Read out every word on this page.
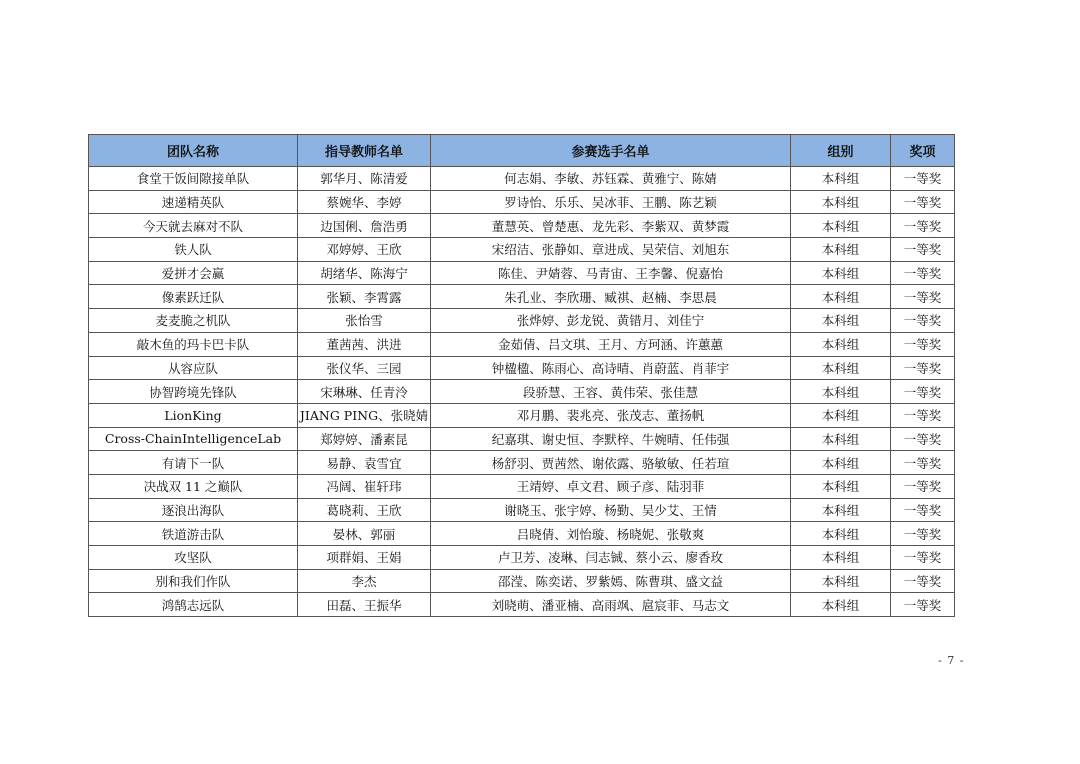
团队名称	指导教师名单	参赛选手名单	组别	奖项
食堂干饭间隙接单队	郭华月、陈清爱	何志娟、李敏、苏钰霖、黄雅宁、陈婧	本科组	一等奖
速递精英队	蔡婉华、李婷	罗诗怡、乐乐、吴冰菲、王鹏、陈艺颖	本科组	一等奖
今天就去麻对不队	边国俐、詹浩勇	董慧英、曾楚惠、龙先彩、李紫双、黄梦霞	本科组	一等奖
铁人队	邓婷婷、王欣	宋绍洁、张静如、章进成、吴荣信、刘旭东	本科组	一等奖
爱拼才会赢	胡绪华、陈海宁	陈佳、尹婧蓉、马青宙、王李馨、倪嘉怡	本科组	一等奖
像素跃迁队	张颖、李霄露	朱孔业、李欣珊、臧祺、赵楠、李思晨	本科组	一等奖
麦麦脆之机队	张怡雪	张烨婷、彭龙锐、黄错月、刘佳宁	本科组	一等奖
敲木鱼的玛卡巴卡队	董茜茜、洪进	金茹倩、吕文琪、王月、方珂涵、许蕙蕙	本科组	一等奖
从容应队	张仪华、三园	钟楹楹、陈雨心、高诗晴、肖蔚蓝、肖菲宇	本科组	一等奖
协智跨境先锋队	宋琳琳、任青泠	段骄慧、王容、黄伟荣、张佳慧	本科组	一等奖
LionKing	JIANG PING、张晓婧	邓月鹏、裴兆亮、张茂志、董扬帆	本科组	一等奖
Cross-ChainIntelligenceLab	郑婷婷、潘素昆	纪嘉琪、谢史恒、李默梓、牛婉晴、任伟强	本科组	一等奖
有请下一队	易静、袁雪宜	杨舒羽、贾茜然、谢依露、骆敏敏、任若瑄	本科组	一等奖
决战双 11 之巅队	冯阔、崔轩玮	王靖婷、卓文君、顾子彦、陆羽菲	本科组	一等奖
逐浪出海队	葛晓莉、王欣	谢晓玉、张宇婷、杨勤、吴少艾、王情	本科组	一等奖
铁道游击队	晏林、郭丽	吕晓倩、刘怡璇、杨晓妮、张敬爽	本科组	一等奖
攻坚队	项群娟、王娟	卢卫芳、凌琳、闫志铖、蔡小云、廖香玫	本科组	一等奖
别和我们作队	李杰	邵滢、陈奕诺、罗紫嫣、陈曹琪、盛文益	本科组	一等奖
鸿鹄志远队	田磊、王振华	刘晓萌、潘亚楠、高雨飒、扈宸菲、马志文	本科组	一等奖
- 7 -
